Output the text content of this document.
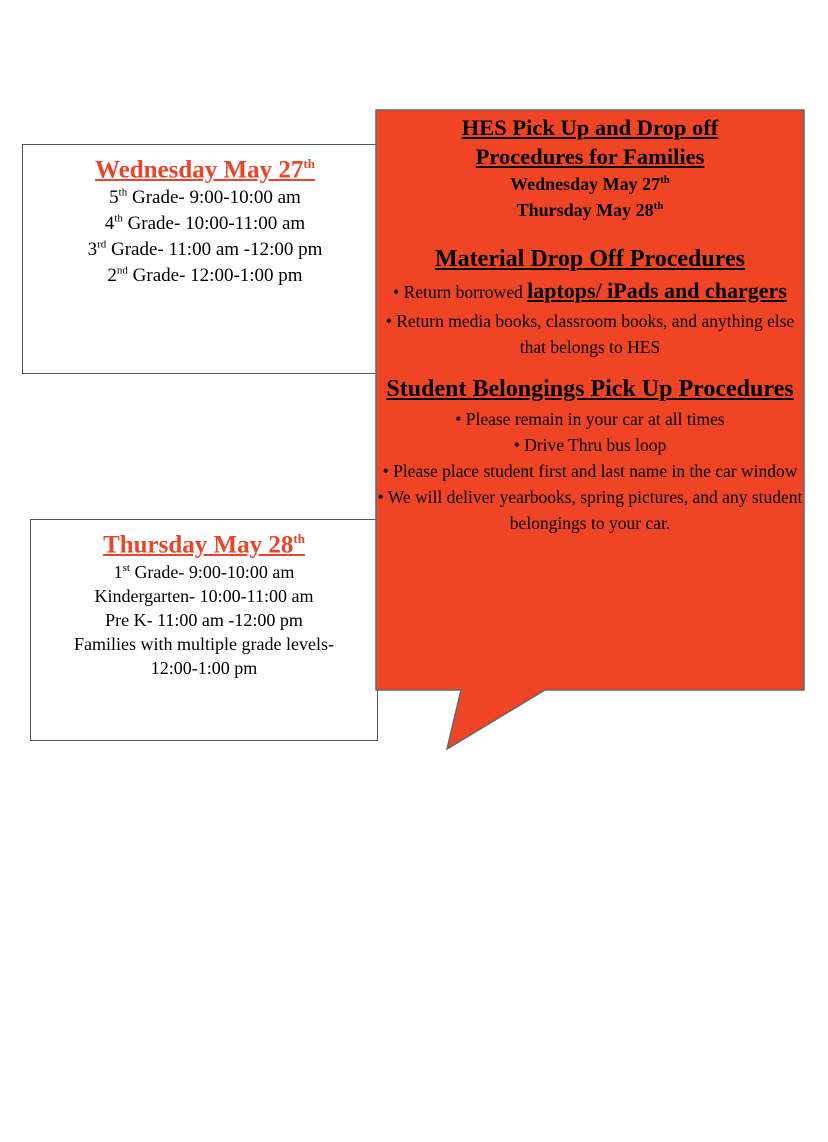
Wednesday May 27th
5th Grade- 9:00-10:00 am
4th Grade- 10:00-11:00 am
3rd Grade- 11:00 am -12:00 pm
2nd Grade- 12:00-1:00 pm
Thursday May 28th
1st Grade- 9:00-10:00 am
Kindergarten- 10:00-11:00 am
Pre K- 11:00 am -12:00 pm
Families with multiple grade levels-
12:00-1:00 pm
HES Pick Up and Drop off
Procedures for Families
Wednesday May 27th
Thursday May 28th
Material Drop Off Procedures
• Return borrowed laptops/ iPads and chargers
• Return media books, classroom books, and anything else that belongs to HES
Student Belongings Pick Up Procedures
• Please remain in your car at all times
• Drive Thru bus loop
• Please place student first and last name in the car window
• We will deliver yearbooks, spring pictures, and any student belongings to your car.
